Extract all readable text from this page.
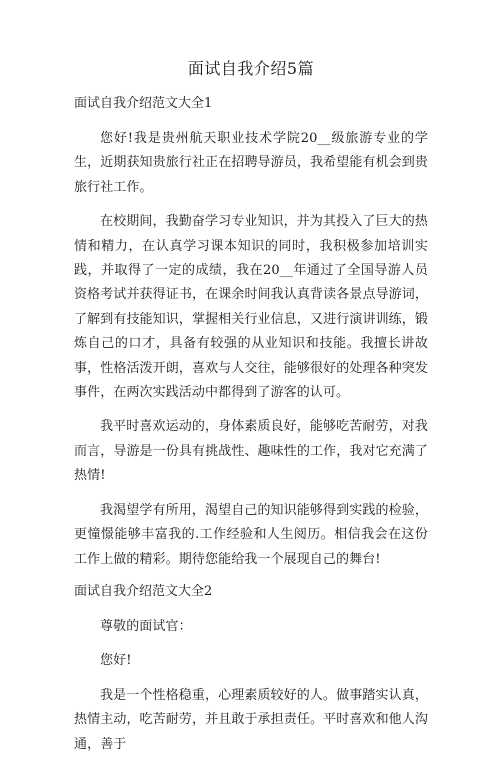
面试自我介绍5篇
面试自我介绍范文大全1

您好!我是贵州航天职业技术学院20__级旅游专业的学生，近期获知贵旅行社正在招聘导游员，我希望能有机会到贵旅行社工作。

在校期间，我勤奋学习专业知识，并为其投入了巨大的热情和精力，在认真学习课本知识的同时，我积极参加培训实践，并取得了一定的成绩，我在20__年通过了全国导游人员资格考试并获得证书，在课余时间我认真背读各景点导游词，了解到有技能知识，掌握相关行业信息，又进行演讲训练，锻炼自己的口才，具备有较强的从业知识和技能。我擅长讲故事，性格活泼开朗，喜欢与人交往，能够很好的处理各种突发事件，在两次实践活动中都得到了游客的认可。

我平时喜欢运动的，身体素质良好，能够吃苦耐劳，对我而言，导游是一份具有挑战性、趣味性的工作，我对它充满了热情!

我渴望学有所用，渴望自己的知识能够得到实践的检验，更憧憬能够丰富我的.工作经验和人生阅历。相信我会在这份工作上做的精彩。期待您能给我一个展现自己的舞台!

面试自我介绍范文大全2

尊敬的面试官：

您好!

我是一个性格稳重，心理素质较好的人。做事踏实认真，热情主动，吃苦耐劳，并且敢于承担责任。平时喜欢和他人沟通，善于
